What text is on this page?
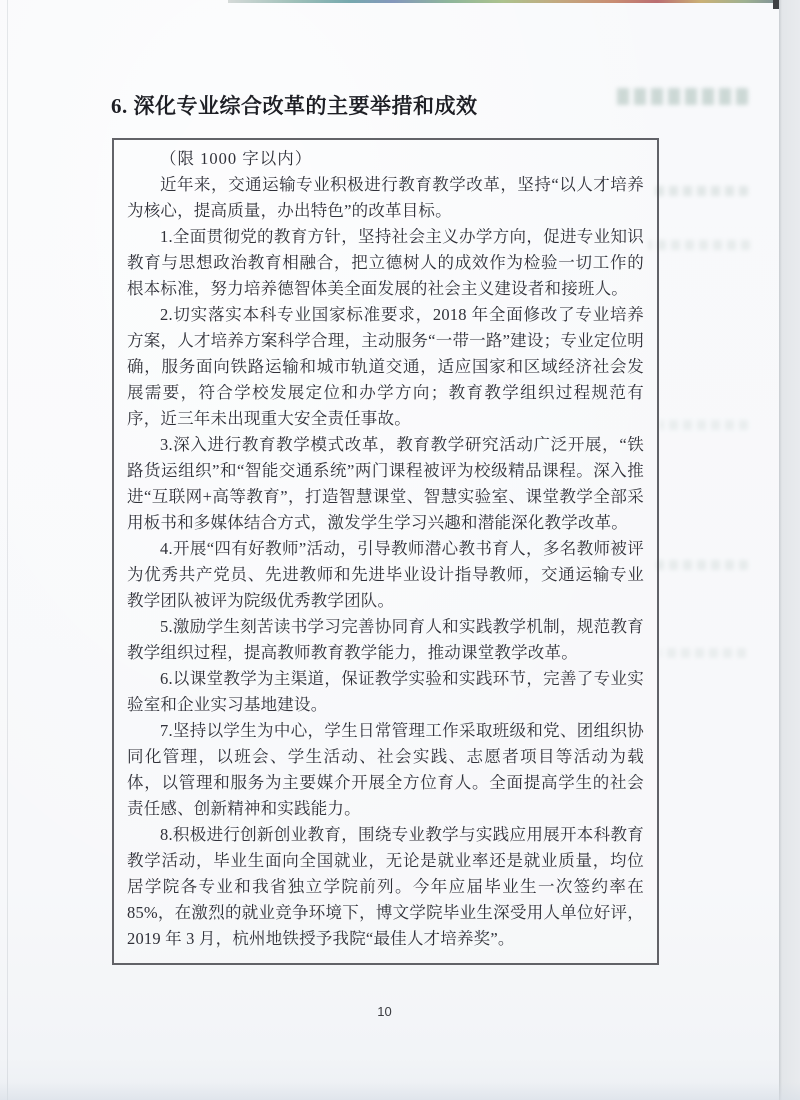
6. 深化专业综合改革的主要举措和成效

（限 1000 字以内）

近年来，交通运输专业积极进行教育教学改革，坚持“以人才培养为核心，提高质量，办出特色”的改革目标。

1.全面贯彻党的教育方针，坚持社会主义办学方向，促进专业知识教育与思想政治教育相融合，把立德树人的成效作为检验一切工作的根本标准，努力培养德智体美全面发展的社会主义建设者和接班人。

2.切实落实本科专业国家标准要求，2018 年全面修改了专业培养方案，人才培养方案科学合理，主动服务“一带一路”建设；专业定位明确，服务面向铁路运输和城市轨道交通，适应国家和区域经济社会发展需要，符合学校发展定位和办学方向；教育教学组织过程规范有序，近三年未出现重大安全责任事故。

3.深入进行教育教学模式改革，教育教学研究活动广泛开展，“铁路货运组织”和“智能交通系统”两门课程被评为校级精品课程。深入推进“互联网+高等教育”，打造智慧课堂、智慧实验室、课堂教学全部采用板书和多媒体结合方式，激发学生学习兴趣和潜能深化教学改革。

4.开展“四有好教师”活动，引导教师潜心教书育人，多名教师被评为优秀共产党员、先进教师和先进毕业设计指导教师，交通运输专业教学团队被评为院级优秀教学团队。

5.激励学生刻苦读书学习完善协同育人和实践教学机制，规范教育教学组织过程，提高教师教育教学能力，推动课堂教学改革。

6.以课堂教学为主渠道，保证教学实验和实践环节，完善了专业实验室和企业实习基地建设。

7.坚持以学生为中心，学生日常管理工作采取班级和党、团组织协同化管理，以班会、学生活动、社会实践、志愿者项目等活动为载体，以管理和服务为主要媒介开展全方位育人。全面提高学生的社会责任感、创新精神和实践能力。

8.积极进行创新创业教育，围绕专业教学与实践应用展开本科教育教学活动，毕业生面向全国就业，无论是就业率还是就业质量，均位居学院各专业和我省独立学院前列。今年应届毕业生一次签约率在 85%，在激烈的就业竞争环境下，博文学院毕业生深受用人单位好评，2019 年 3 月，杭州地铁授予我院“最佳人才培养奖”。

10
